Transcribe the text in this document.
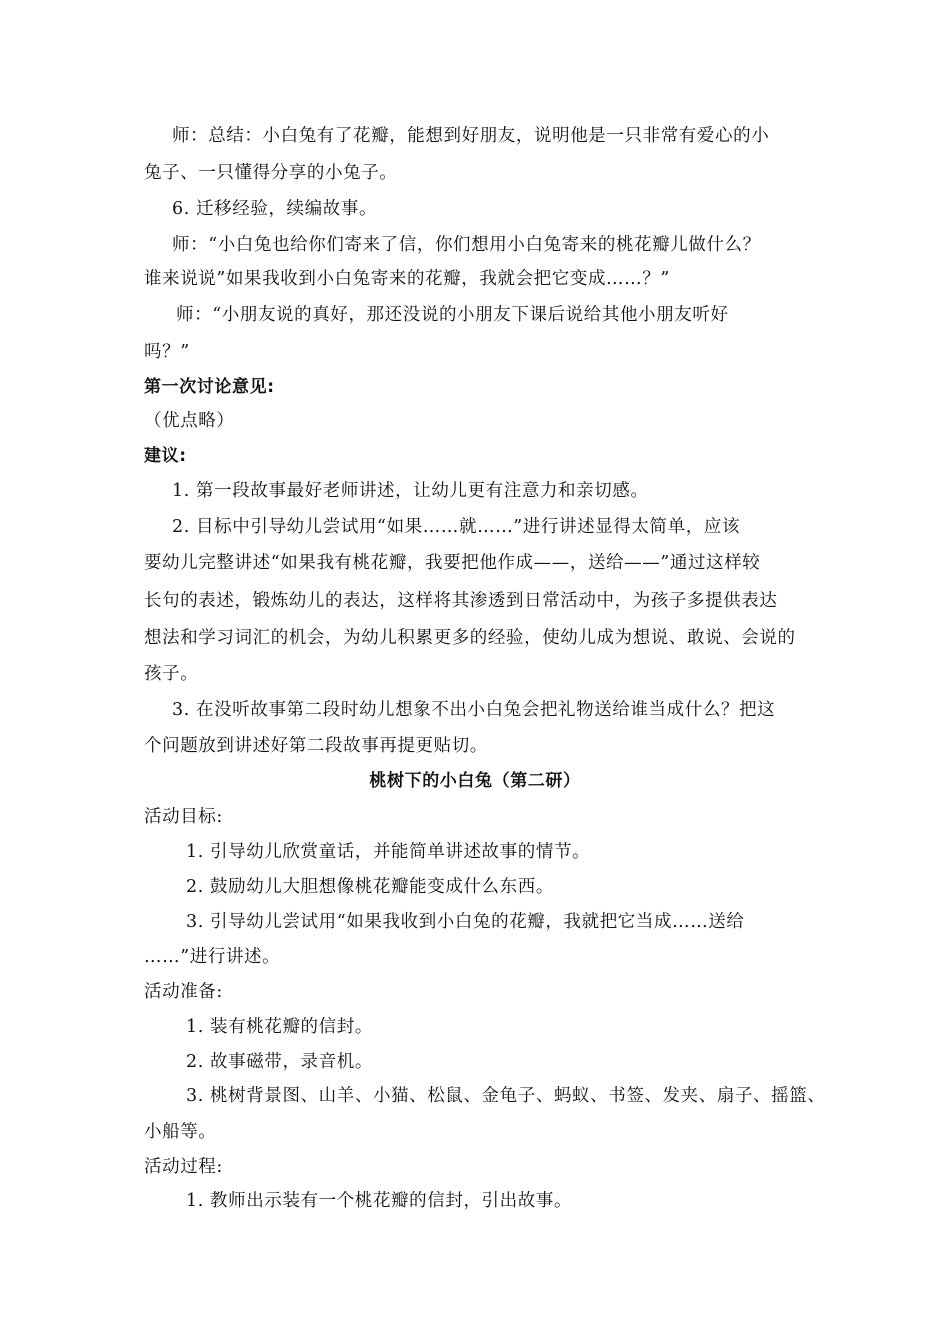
师：总结：小白兔有了花瓣，能想到好朋友，说明他是一只非常有爱心的小
兔子、一只懂得分享的小兔子。
6. 迁移经验，续编故事。
师：“小白兔也给你们寄来了信，你们想用小白兔寄来的桃花瓣儿做什么？
谁来说说”如果我收到小白兔寄来的花瓣，我就会把它变成……？”
师：“小朋友说的真好，那还没说的小朋友下课后说给其他小朋友听好
吗？”
第一次讨论意见:
（优点略）
建议:
1. 第一段故事最好老师讲述，让幼儿更有注意力和亲切感。
2. 目标中引导幼儿尝试用“如果……就……”进行讲述显得太简单，应该
要幼儿完整讲述“如果我有桃花瓣，我要把他作成——，送给——”通过这样较
长句的表述，锻炼幼儿的表达，这样将其渗透到日常活动中，为孩子多提供表达
想法和学习词汇的机会，为幼儿积累更多的经验，使幼儿成为想说、敢说、会说的
孩子。
3. 在没听故事第二段时幼儿想象不出小白兔会把礼物送给谁当成什么？把这
个问题放到讲述好第二段故事再提更贴切。
桃树下的小白兔（第二研）
活动目标:
1. 引导幼儿欣赏童话，并能简单讲述故事的情节。
2. 鼓励幼儿大胆想像桃花瓣能变成什么东西。
3. 引导幼儿尝试用“如果我收到小白兔的花瓣，我就把它当成……送给
……”进行讲述。
活动准备:
1. 装有桃花瓣的信封。
2. 故事磁带，录音机。
3. 桃树背景图、山羊、小猫、松鼠、金龟子、蚂蚁、书签、发夹、扇子、摇篮、
小船等。
活动过程:
1. 教师出示装有一个桃花瓣的信封，引出故事。
